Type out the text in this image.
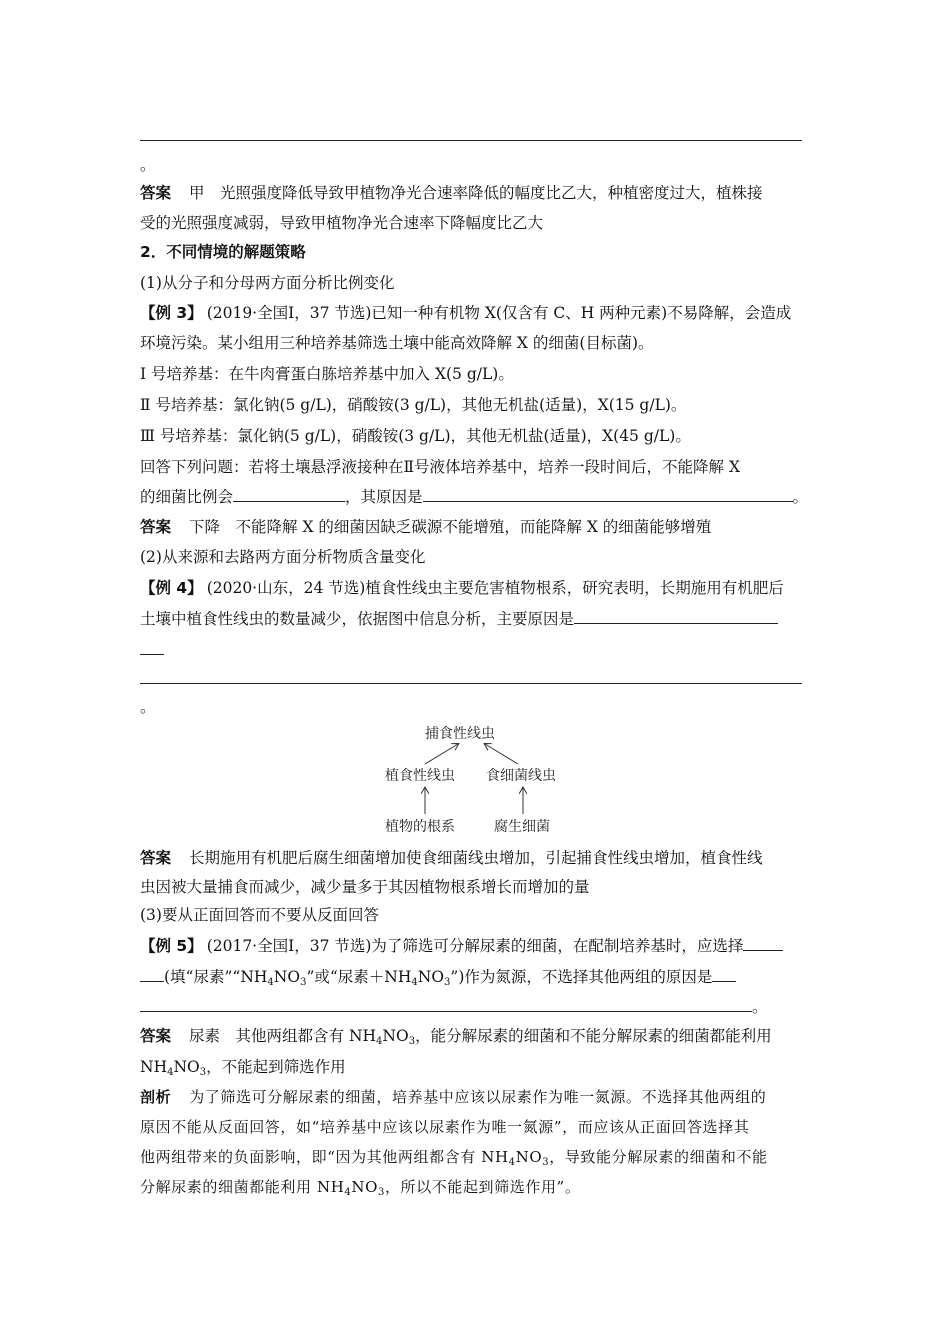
。
答案 甲　光照强度降低导致甲植物净光合速率降低的幅度比乙大，种植密度过大，植株接
受的光照强度减弱，导致甲植物净光合速率下降幅度比乙大
2．不同情境的解题策略
(1)从分子和分母两方面分析比例变化
【例 3】 (2019·全国Ⅰ，37 节选)已知一种有机物 X(仅含有 C、H 两种元素)不易降解，会造成
环境污染。某小组用三种培养基筛选土壤中能高效降解 X 的细菌(目标菌)。
Ⅰ 号培养基：在牛肉膏蛋白胨培养基中加入 X(5 g/L)。
Ⅱ 号培养基：氯化钠(5 g/L)，硝酸铵(3 g/L)，其他无机盐(适量)，X(15 g/L)。
Ⅲ 号培养基：氯化钠(5 g/L)，硝酸铵(3 g/L)，其他无机盐(适量)，X(45 g/L)。
回答下列问题：若将土壤悬浮液接种在Ⅱ号液体培养基中，培养一段时间后，不能降解 X
的细菌比例会	，其原因是	。
答案 下降　不能降解 X 的细菌因缺乏碳源不能增殖，而能降解 X 的细菌能够增殖
(2)从来源和去路两方面分析物质含量变化
【例 4】 (2020·山东，24 节选)植食性线虫主要危害植物根系，研究表明，长期施用有机肥后
土壤中植食性线虫的数量减少，依据图中信息分析，主要原因是
。
捕食性线虫
植食性线虫 食细菌线虫
植物的根系	腐生细菌
答案 长期施用有机肥后腐生细菌增加使食细菌线虫增加，引起捕食性线虫增加，植食性线
虫因被大量捕食而减少，减少量多于其因植物根系增长而增加的量
(3)要从正面回答而不要从反面回答
【例 5】 (2017·全国Ⅰ，37 节选)为了筛选可分解尿素的细菌，在配制培养基时，应选择
(填“尿素$”“NH_4NO_3$”或“尿素$+NH_4NO_3$”)作为氮源，不选择其他两组的原因是
。
答案 尿素　其他两组都含有 $NH_4NO_3$，能分解尿素的细菌和不能分解尿素的细菌都能利用
$NH_4NO_3$，不能起到筛选作用
剖析 为了筛选可分解尿素的细菌，培养基中应该以尿素作为唯一氮源。不选择其他两组的
原因不能从反面回答，如“培养基中应该以尿素作为唯一氮源”，而应该从正面回答选择其
他两组带来的负面影响，即“因为其他两组都含有 $NH_4NO_3$，导致能分解尿素的细菌和不能
分解尿素的细菌都能利用 $NH_4NO_3$，所以不能起到筛选作用”。
